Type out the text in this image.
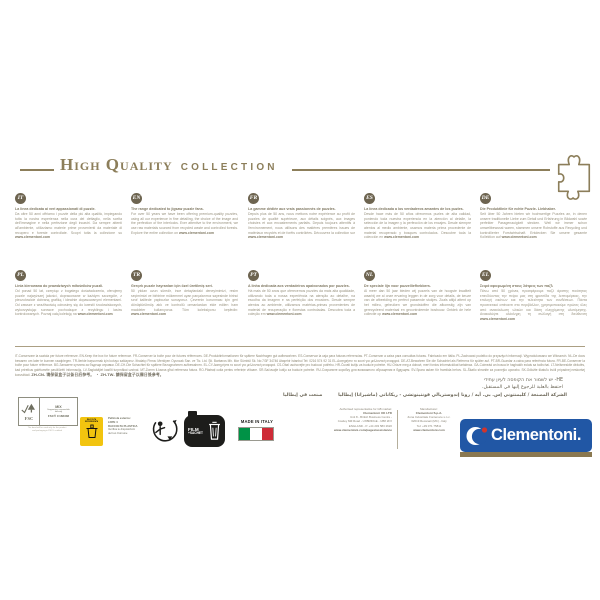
High Quality COLLECTION
IT

La linea dedicata ai veri appassionati di puzzle.
Da oltre 50 anni offriamo i puzzle della più alta qualità, impiegando tutta la nostra esperienza nella cura del dettaglio, nella scelta dell'immagine e nella perfezione degli incastri. Da sempre attenti all'ambiente, utilizziamo materie prime provenienti da materiale di recupero e foreste controllate. Scopri tutta la collezione su www.clementoni.com

EN

The range dedicated to jigsaw puzzle fans.
For over 50 years we have been offering premium-quality puzzles, using all our experience in fine detailing, the choice of the image and the perfection of the interlocks. Ever attentive to the environment, we use raw materials sourced from recycled waste and controlled forests. Explore the entire collection on www.clementoni.com

FR

La gamme dédiée aux vrais passionnés de puzzles.
Depuis plus de 50 ans, nous mettons notre expérience au profit de puzzles de qualité supérieure, aux détails soignés, aux images choisies et aux encastrements parfaits. Depuis toujours attentifs à l'environnement, nous utilisons des matières premières issues de matériaux recyclés et de forêts contrôlées. Découvrez la collection sur www.clementoni.com

ES

La línea dedicada a los verdaderos amantes de los puzles.
Desde hace más de 50 años ofrecemos puzles de alta calidad, poniendo toda nuestra experiencia en la atención al detalle, la selección de la imagen y la perfección de los encajes. Desde siempre atentos al medio ambiente, usamos materia prima procedente de material recuperado y bosques controlados. Descubre toda la colección en www.clementoni.com

DE

Die Produktlinie für echte Puzzle- Liebhaber.
Seit über 50 Jahren bieten wir hochwertige Puzzles an, in denen unsere traditionelle Liebe zum Detail und Erfahrung in Bildwahl sowie perfekter Passgenauigkeit stecken. Weil wir immer schon umweltbewusst waren, stammen unsere Rohstoffe aus Recycling und kontrollierter Forstwirtschaft. Entdecken Sie unsere gesamte Kollektion auf www.clementoni.com

PL

Linia kierowana do prawdziwych miłośników puzzli.
Od ponad 50 lat, czerpiąc z bogatego doświadczenia, oferujemy puzzle najwyższej jakości, dopracowane w każdym szczególe, z pieczołowicie dobraną grafiką i idealnie dopasowanymi elementami. Od zawsze z wrażliwością odnosimy się do kwestii środowiskowych, wykorzystując surowce pochodzące z recyklingu i lasów kontrolowanych. Poznaj całą kolekcję na www.clementoni.com

TR

Gerçek puzzle hayranları için özel üretilmiş seri.
50 yıldan uzun süredir, ince detaylardaki deneyimimizi, resim seçimimizi ve birbirine mükemmel uyan parçalarımız sayesinde birinci sınıf kalitede yapbozlar sunuyoruz. Çevrenin korunması için geri dönüştürülmüş atık ve kontrollü ormanlardan elde edilen ham maddeler kullanıyoruz. Tüm koleksiyonu keşfedin: www.clementoni.com

PT

A linha dedicada aos verdadeiros apaixonados por puzzles.
Há mais de 50 anos que oferecemos puzzles da mais alta qualidade, utilizando toda a nossa experiência na atenção ao detalhe, na escolha da imagem e na perfeição dos encaixes. Desde sempre atentos ao ambiente, utilizamos matérias-primas provenientes de material de recuperação e florestas controladas. Descubra toda a coleção em www.clementoni.com

NL

De speciale lijn voor puzzelliefhebbers.
Al meer dan 50 jaar bieden wij puzzels van de hoogste kwaliteit waarbij we al onze ervaring leggen in de zorg voor details, de keuze van de afbeelding en perfect passende stukjes. Zoals altijd attent op het milieu, gebruiken we grondstoffen die afkomstig zijn van gerecycleerd materiaal en gecontroleerde bosbouw. Ontdek de hele collectie op www.clementoni.com

EL

Σειρά αφιερωμένη στους λάτρεις των παζλ
Πάνω από 50 χρόνια, προσφέρουμε παζλ άριστης ποιότητας επενδύοντας την πείρα μας στη φροντίδα της λεπτομέρειας, την επιλογή εικόνων και την τελειότητα των συνδέσεων. Πάντα προσεκτικοί απέναντι στο περιβάλλον, χρησιμοποιούμε πρώτες ύλες από ανακύκλωση υλικών και δάση ελεγχόμενης υλοτόμησης. Ανακαλύψτε ολόκληρη τη συλλογή στη διεύθυνση www.clementoni.com

IT-Conservare la scatola per future referenze. EN-Keep the box for future reference. FR-Conserver la boîte pour de futures références. DE-Produktinformationen für spätere Nachfragen gut aufbewahren. ES-Conservar la caja para futuras referencias. PT-Conservar a caixa para consultas futuras. Fabricado em Itália. PL-Zachować pudełko do przyszłych informacji. Wyprodukowano we Włoszech. NL-De doos bewaren om later te kunnen raadplegen. TR-İleride başvurmak için kutuyu saklayınız. İthalatçı Firma: Meridyen Oyuncak San. ve Tic. Ltd. Şti. Barbaros Mh. Mor Sümbül Sk. No:7/3F 34746 Ataşehir İstanbul Tel: 0216 574 92 31 EL-Διατηρήστε το κουτί για μελλοντική αναφορά. DE-AT-Bewahren Sie die Schachtel als Referenz für später auf. PT-BR-Guardar a caixa para referência futura. FR-BE-Conserver la boîte pour future référence. BG-Запазете кутията за бъдещи справки. DE-CH-Die Schachtel für spätere Bezugnahmen aufbewahren. EL-CY-Διατηρήστε το κουτί για μελλοντική αναφορά. CS-Obal uschovejte pro budoucí potřebu. HR-Čuvati kutiju za buduće potrebe. HU-Őrizze meg a dobozt, mert fontos információkat tartalmaz. GA-Coimeád an bosca le haghaidh eolais sa todhchaí. LT-Neišmeskite dėžutės, kad prireikus galėtumėte pasižiūrėti informaciją. LV-Saglabājiet kastīti turpmākai uzziņai. MT-Żomm il-kaxxa għal referenza futura. RO-Păstrați cutia pentru referințe viitoare. SR-Sačuvajte kutiju za buduće potrebe. RU-Сохраните коробку для возможного обращения в будущем. SV-Spara asken för framtida behov. SL-Škatlo shranite za poznejšo uporabo. SK-Odložte škatuľu kvôli prípadnej neskoršej konzultácii. ZH-CN- 请保留盒子以备日后参考。 ・ ZH-TW- 請保留盒子以備日後參考。

HE- יש לשמור את הקופסה לעיון עתידי
احتفظ بالعلبة للرجوع إليها في المستقبل.
الشركة المصنعة / كليمنتوني إس. بي. أيه / زونا إندوستريالي فونتينوتشي - ريكاناتي (ماشيراتا) إيطاليا صنعت في إيطاليا
FSC
MIX
Supporting responsible forestry
FSC® C168338
The band will be used only for the product
and packaging in FSC® certified
RACCOLTA
DIFFERENZIATA
Pellicola esterna:
LDPE 4
RACCOLTA PLASTICA
Verifica le disposizioni
del tuo Comune
FILM
+SACHET
MADE IN ITALY
Authorised representative for GB market:
Clementoni UK LTD
Unit 8 - British Business Centre -
Cowley Mill Road - UXBRIDGE - UB8 2FX
ENGLAND - P. +44 203 583 2620
www.clementoni.com/pages/assistance
Manufacturer:
Clementoni S.p.A.
Zona Industriale Fontenoce s.n.c.
62019 Recanati (MC) - Italy
Tel: +39 071 75811
www.clementoni.com	Clementoni.
